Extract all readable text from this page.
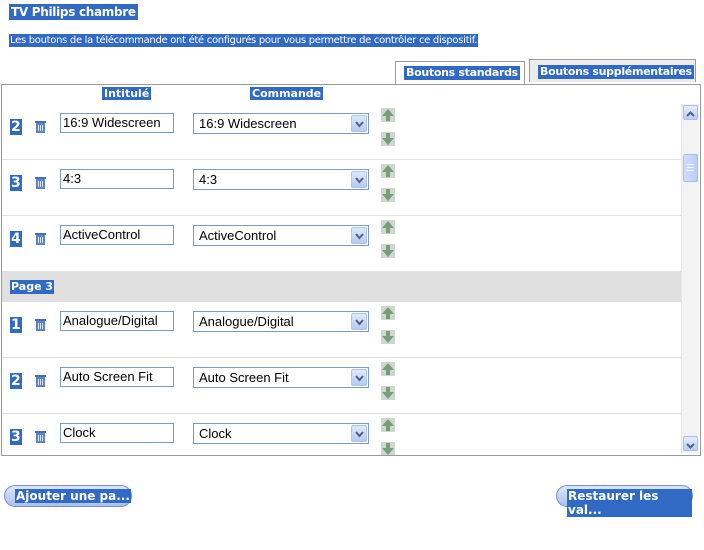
TV Philips chambre
Les boutons de la télécommande ont été configurés pour vous permettre de contrôler ce dispositif.
Boutons standards Boutons supplémentaires
Intitulé	Commande
2	16:9 Widescreen	16:9 Widescreen
3	4:3	4:3
4	ActiveControl	ActiveControl
Page 3
1	Analogue/Digital	Analogue/Digital
2	Auto Screen Fit	Auto Screen Fit
3	Clock	Clock
Ajouter une pa...	Restaurer les val...
